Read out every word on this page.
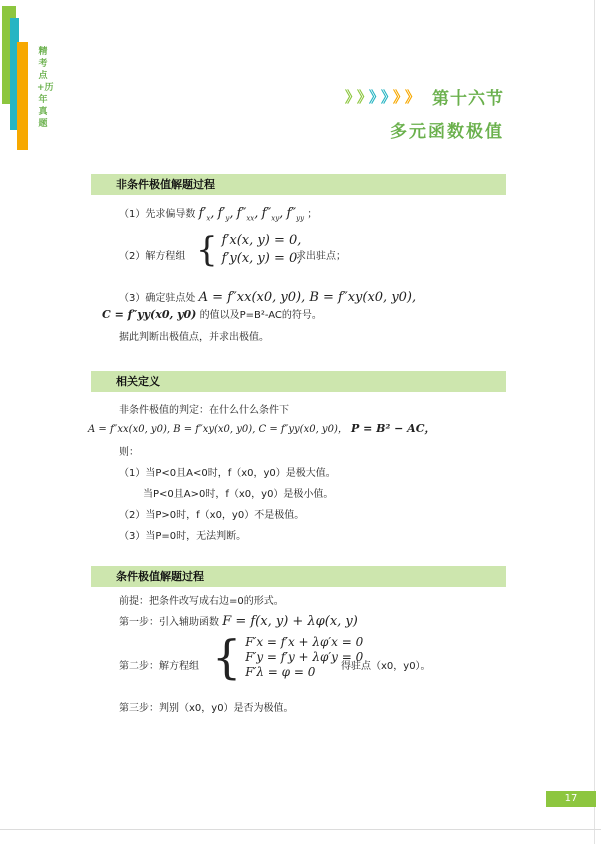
精考点+历年真题
》》》》》》 第十六节
多元函数极值
非条件极值解题过程
（1）先求偏导数 $f'_x$, $f'_y$, $f''_{xx}$, $f''_{xy}$, $f''_{yy}$ ；
（2）解方程组 { f′x(x, y) = 0,
f′y(x, y) = 0,
求出驻点；
（3）确定驻点处 A = f″xx(x0, y0), B = f″xy(x0, y0),
C = f″yy(x0, y0) 的值以及P=B²-AC的符号。
据此判断出极值点，并求出极值。
相关定义
非条件极值的判定：在什么什么条件下
A = f″xx(x0, y0), B = f″xy(x0, y0), C = f″yy(x0, y0)， P = B² − AC，
则：
（1）当P<0且A<0时，f（x0，y0）是极大值。
当P<0且A>0时，f（x0，y0）是极小值。
（2）当P>0时，f（x0，y0）不是极值。
（3）当P=0时，无法判断。
条件极值解题过程
前提：把条件改写成右边=0的形式。
第一步：引入辅助函数 F = f(x, y) + λφ(x, y)
第二步：解方程组 { F′x = f′x + λφ′x = 0
F′y = f′y + λφ′y = 0
F′λ = φ = 0	得驻点（x0，y0）。
第三步：判别（x0，y0）是否为极值。
17
